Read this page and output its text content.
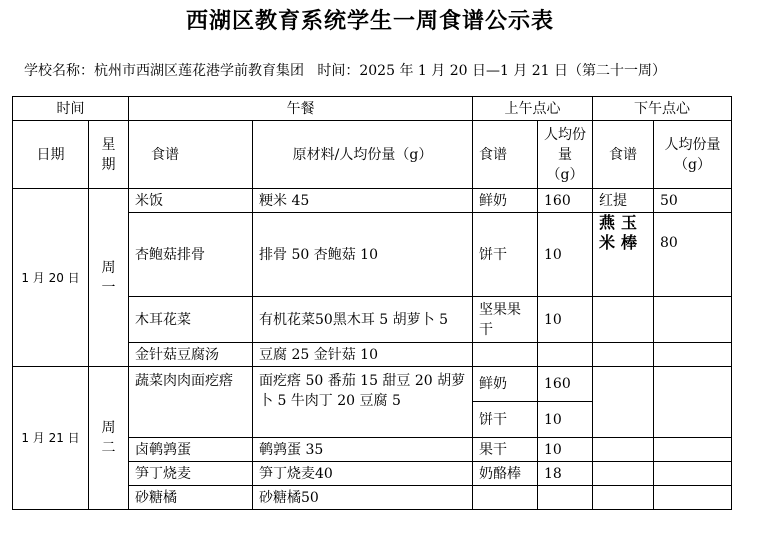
西湖区教育系统学生一周食谱公示表
学校名称：杭州市西湖区莲花港学前教育集团 时间：2025 年 1 月 20 日—1 月 21 日（第二十一周）
时间		午餐		上午点心		下午点心	
日期	星期	食谱	原材料/人均份量（g）	食谱	人均份量（g）	食谱	人均份量（g）
1 月 20 日	周一	米饭	粳米 45	鲜奶	160	红提	50
		杏鲍菇排骨	排骨 50 杏鲍菇 10	饼干	10	燕玉米棒	80
		木耳花菜	有机花菜50黑木耳 5 胡萝卜 5	坚果果干	10		
		金针菇豆腐汤	豆腐 25 金针菇 10				
1 月 21 日	周二	蔬菜肉肉面疙瘩	面疙瘩 50 番茄 15 甜豆 20 胡萝卜 5 牛肉丁 20 豆腐 5	鲜奶	160		
				饼干	10		
		卤鹌鹑蛋	鹌鹑蛋 35	果干	10		
		笋丁烧麦	笋丁烧麦40	奶酪棒	18		
		砂糖橘	砂糖橘50				
